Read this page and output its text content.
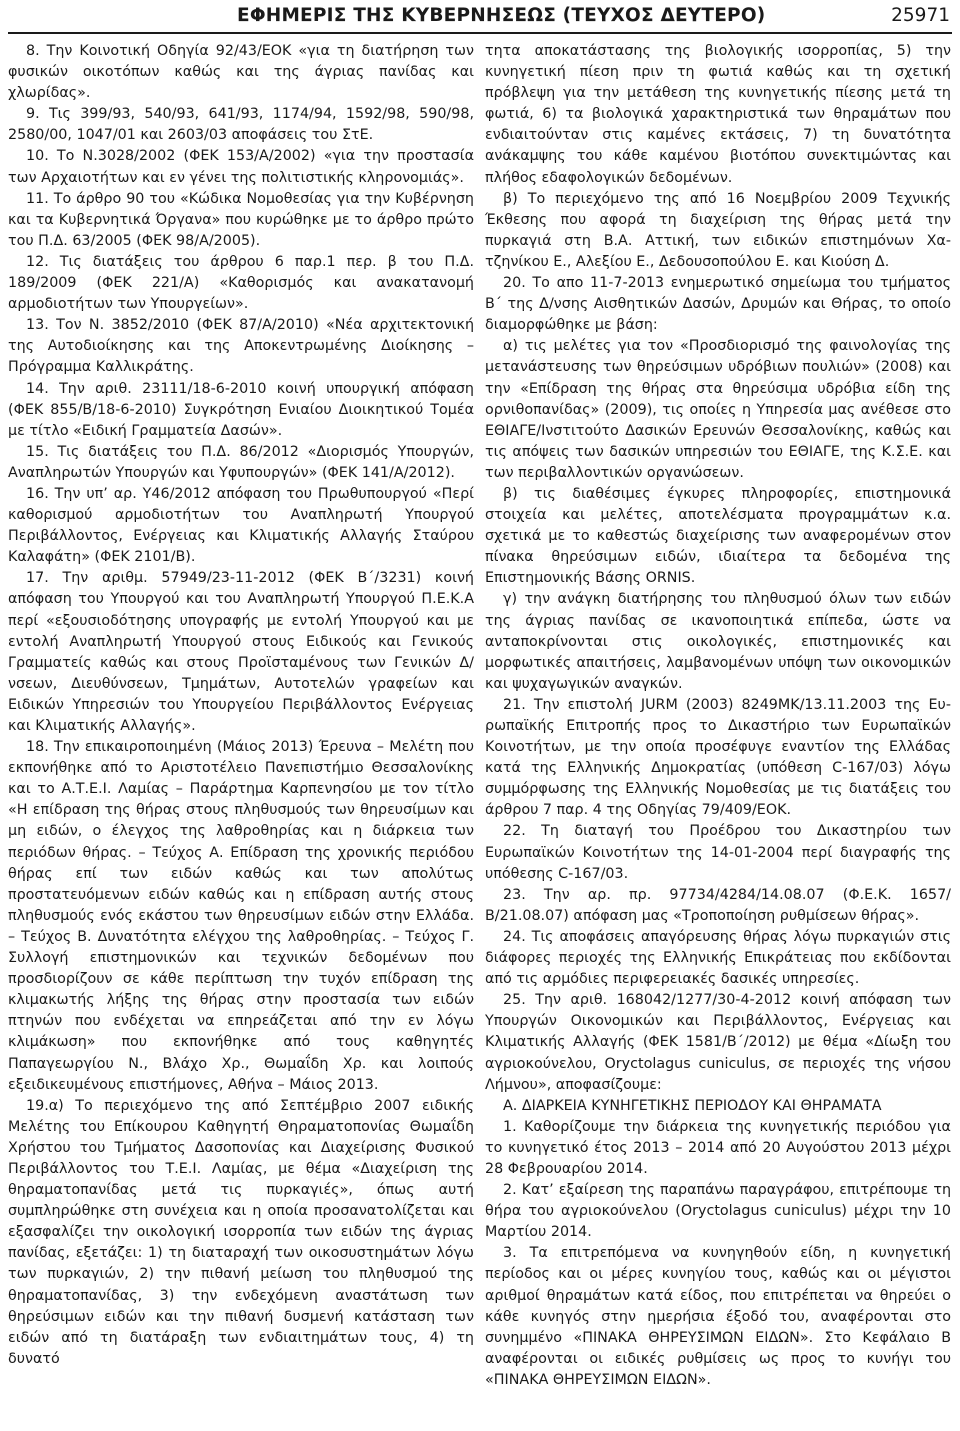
ΕΦΗΜΕΡΙΣ ΤΗΣ ΚΥΒΕΡΝΗΣΕΩΣ (ΤΕΥΧΟΣ ΔΕΥΤΕΡΟ)	25971

8. Την Κοινοτική Οδηγία 92/43/ΕΟΚ «για τη διατήρηση των φυσικών οικοτόπων καθώς και της άγριας πανίδας και χλωρίδας».

9. Τις 399/93, 540/93, 641/93, 1174/94, 1592/98, 590/98, 2580/00, 1047/01 και 2603/03 αποφάσεις του ΣτΕ.

10. Το Ν.3028/2002 (ΦΕΚ 153/Α/2002) «για την προστασία των Αρχαιοτήτων και εν γένει της πολιτιστικής κληρονομιάς».

11. Το άρθρο 90 του «Κώδικα Νομοθεσίας για την Κυβέρνηση και τα Κυβερνητικά Όργανα» που κυρώθηκε με το άρθρο πρώτο του Π.Δ. 63/2005 (ΦΕΚ 98/Α/2005).

12. Τις διατάξεις του άρθρου 6 παρ.1 περ. β του Π.Δ. 189/2009 (ΦΕΚ 221/Α) «Καθορισμός και ανακατανομή αρμοδιοτήτων των Υπουργείων».

13. Τον Ν. 3852/2010 (ΦΕΚ 87/Α/2010) «Νέα αρχιτεκτονική της Αυτοδιοίκησης και της Αποκεντρωμένης Διοίκησης – Πρόγραμμα Καλλικράτης.

14. Την αριθ. 23111/18-6-2010 κοινή υπουργική απόφαση (ΦΕΚ 855/Β/18-6-2010) Συγκρότηση Ενιαίου Διοικητικού Τομέα με τίτλο «Ειδική Γραμματεία Δασών».

15. Τις διατάξεις του Π.Δ. 86/2012 «Διορισμός Υπουργών, Αναπληρωτών Υπουργών και Υφυπουργών» (ΦΕΚ 141/Α/2012).

16. Την υπ’ αρ. Υ46/2012 απόφαση του Πρωθυπουργού «Περί καθορισμού αρμοδιοτήτων του Αναπληρωτή Υπουργού Περιβάλλοντος, Ενέργειας και Κλιματικής Αλλαγής Σταύρου Καλαφάτη» (ΦΕΚ 2101/Β).

17. Την αριθμ. 57949/23-11-2012 (ΦΕΚ Β΄/3231) κοινή απόφαση του Υπουργού και του Αναπληρωτή Υπουργού Π.Ε.Κ.Α περί «εξουσιοδότησης υπογραφής με εντολή Υπουργού και με εντολή Αναπληρωτή Υπουργού στους Ειδικούς και Γενικούς Γραμματείς καθώς και στους Προϊσταμένους των Γενικών Δ/νσεων, Διευθύνσεων, Τμημάτων, Αυτοτελών γραφείων και Ειδικών Υπηρεσιών του Υπουργείου Περιβάλλοντος Ενέργειας και Κλιματικής Αλλαγής».

18. Την επικαιροποιημένη (Μάιος 2013) Έρευνα – Μελέτη που εκπονήθηκε από το Αριστοτέλειο Πανεπιστήμιο Θεσσαλονίκης και το Α.Τ.Ε.Ι. Λαμίας – Παράρτημα Καρπενησίου με τον τίτλο «Η επίδραση της θήρας στους πληθυσμούς των θηρευσίμων και μη ειδών, ο έλεγχος της λαθροθηρίας και η διάρκεια των περιόδων θήρας. – Τεύχος Α. Επίδραση της χρονικής περιόδου θήρας επί των ειδών καθώς και των απολύτως προστατευόμενων ειδών καθώς και η επίδραση αυτής στους πληθυσμούς ενός εκάστου των θηρευσίμων ειδών στην Ελλάδα. – Τεύχος Β. Δυνατότητα ελέγχου της λαθροθηρίας. – Τεύχος Γ. Συλλογή επιστημονικών και τεχνικών δεδομένων που προσδιορίζουν σε κάθε περίπτωση την τυχόν επίδραση της κλιμακωτής λήξης της θήρας στην προστασία των ειδών πτηνών που ενδέχεται να επηρεάζεται από την εν λόγω κλιμάκωση» που εκπονήθηκε από τους καθηγητές Παπαγεωργίου Ν., Βλάχο Χρ., Θωμαΐδη Χρ. και λοιπούς εξειδικευμένους επιστήμονες, Αθήνα – Μάιος 2013.

19.α) Το περιεχόμενο της από Σεπτέμβριο 2007 ειδικής Μελέτης του Επίκουρου Καθηγητή Θηραματοπονίας Θωμαΐδη Χρήστου του Τμήματος Δασοπονίας και Διαχείρισης Φυσικού Περιβάλλοντος του Τ.Ε.Ι. Λαμίας, με θέμα «Διαχείριση της θηραματοπανίδας μετά τις πυρκαγιές», όπως αυτή συμπληρώθηκε στη συνέχεια και η οποία προσανατολίζεται και εξασφαλίζει την οικολογική ισορροπία των ειδών της άγριας πανίδας, εξετάζει: 1) τη διαταραχή των οικοσυστημάτων λόγω των πυρκαγιών, 2) την πιθανή μείωση του πληθυσμού της θηραματοπανίδας, 3) την ενδεχόμενη αναστάτωση των θηρεύσιμων ειδών και την πιθανή δυσμενή κατάσταση των ειδών από τη διατάραξη των ενδιαιτημάτων τους, 4) τη δυνατό

τητα αποκατάστασης της βιολογικής ισορροπίας, 5) την κυνηγετική πίεση πριν τη φωτιά καθώς και τη σχετική πρόβλεψη για την μετάθεση της κυνηγετικής πίεσης μετά τη φωτιά, 6) τα βιολογικά χαρακτηριστικά των θηραμάτων που ενδιαιτούνταν στις καμένες εκτάσεις, 7) τη δυνατότητα ανάκαμψης του κάθε καμένου βιοτόπου συνεκτιμώντας και πλήθος εδαφολογικών δεδομένων.

β) Το περιεχόμενο της από 16 Νοεμβρίου 2009 Τεχνικής Έκθεσης που αφορά τη διαχείριση της θήρας μετά την πυρκαγιά στη Β.Α. Αττική, των ειδικών επιστημόνων Χατζηνίκου Ε., Αλεξίου Ε., Δεδουσοπούλου Ε. και Κιούση Δ.

20. Το απο 11-7-2013 ενημερωτικό σημείωμα του τμήματος Β΄ της Δ/νσης Αισθητικών Δασών, Δρυμών και Θήρας, το οποίο διαμορφώθηκε με βάση:

α) τις μελέτες για τον «Προσδιορισμό της φαινολογίας της μετανάστευσης των θηρεύσιμων υδρόβιων πουλιών» (2008) και την «Επίδραση της θήρας στα θηρεύσιμα υδρόβια είδη της ορνιθοπανίδας» (2009), τις οποίες η Υπηρεσία μας ανέθεσε στο ΕΘΙΑΓΕ/Ινστιτούτο Δασικών Ερευνών Θεσσαλονίκης, καθώς και τις απόψεις των δασικών υπηρεσιών του ΕΘΙΑΓΕ, της Κ.Σ.Ε. και των περιβαλλοντικών οργανώσεων.

β) τις διαθέσιμες έγκυρες πληροφορίες, επιστημονικά στοιχεία και μελέτες, αποτελέσματα προγραμμάτων κ.α. σχετικά με το καθεστώς διαχείρισης των αναφερομένων στον πίνακα θηρεύσιμων ειδών, ιδιαίτερα τα δεδομένα της Επιστημονικής Βάσης ORNIS.

γ) την ανάγκη διατήρησης του πληθυσμού όλων των ειδών της άγριας πανίδας σε ικανοποιητικά επίπεδα, ώστε να ανταποκρίνονται στις οικολογικές, επιστημονικές και μορφωτικές απαιτήσεις, λαμβανομένων υπόψη των οικονομικών και ψυχαγωγικών αναγκών.

21. Την επιστολή JURM (2003) 8249MK/13.11.2003 της Ευρωπαϊκής Επιτροπής προς το Δικαστήριο των Ευρωπαϊκών Κοινοτήτων, με την οποία προσέφυγε εναντίον της Ελλάδας κατά της Ελληνικής Δημοκρατίας (υπόθεση C-167/03) λόγω συμμόρφωσης της Ελληνικής Νομοθεσίας με τις διατάξεις του άρθρου 7 παρ. 4 της Οδηγίας 79/409/ΕΟΚ.

22. Τη διαταγή του Προέδρου του Δικαστηρίου των Ευρωπαϊκών Κοινοτήτων της 14-01-2004 περί διαγραφής της υπόθεσης C-167/03.

23. Την αρ. πρ. 97734/4284/14.08.07 (Φ.Ε.Κ. 1657/Β/21.08.07) απόφαση μας «Τροποποίηση ρυθμίσεων θήρας».

24. Τις αποφάσεις απαγόρευσης θήρας λόγω πυρκαγιών στις διάφορες περιοχές της Ελληνικής Επικράτειας που εκδίδονται από τις αρμόδιες περιφερειακές δασικές υπηρεσίες.

25. Την αριθ. 168042/1277/30-4-2012 κοινή απόφαση των Υπουργών Οικονομικών και Περιβάλλοντος, Ενέργειας και Κλιματικής Αλλαγής (ΦΕΚ 1581/Β΄/2012) με θέμα «Δίωξη του αγριοκούνελου, Oryctolagus cuniculus, σε περιοχές της νήσου Λήμνου», αποφασίζουμε:

Α. ΔΙΑΡΚΕΙΑ ΚΥΝΗΓΕΤΙΚΗΣ ΠΕΡΙΟΔΟΥ ΚΑΙ ΘΗΡΑΜΑΤΑ

1. Καθορίζουμε την διάρκεια της κυνηγετικής περιόδου για το κυνηγετικό έτος 2013 – 2014 από 20 Αυγούστου 2013 μέχρι 28 Φεβρουαρίου 2014.

2. Κατ’ εξαίρεση της παραπάνω παραγράφου, επιτρέπουμε τη θήρα του αγριοκούνελου (Oryctolagus cuniculus) μέχρι την 10 Μαρτίου 2014.

3. Τα επιτρεπόμενα να κυνηγηθούν είδη, η κυνηγετική περίοδος και οι μέρες κυνηγίου τους, καθώς και οι μέγιστοι αριθμοί θηραμάτων κατά είδος, που επιτρέπεται να θηρεύει ο κάθε κυνηγός στην ημερήσια έξοδό του, αναφέρονται στο συνημμένο «ΠΙΝΑΚΑ ΘΗΡΕΥΣΙΜΩΝ ΕΙΔΩΝ». Στο Κεφάλαιο Β αναφέρονται οι ειδικές ρυθμίσεις ως προς το κυνήγι του «ΠΙΝΑΚΑ ΘΗΡΕΥΣΙΜΩΝ ΕΙΔΩΝ».
